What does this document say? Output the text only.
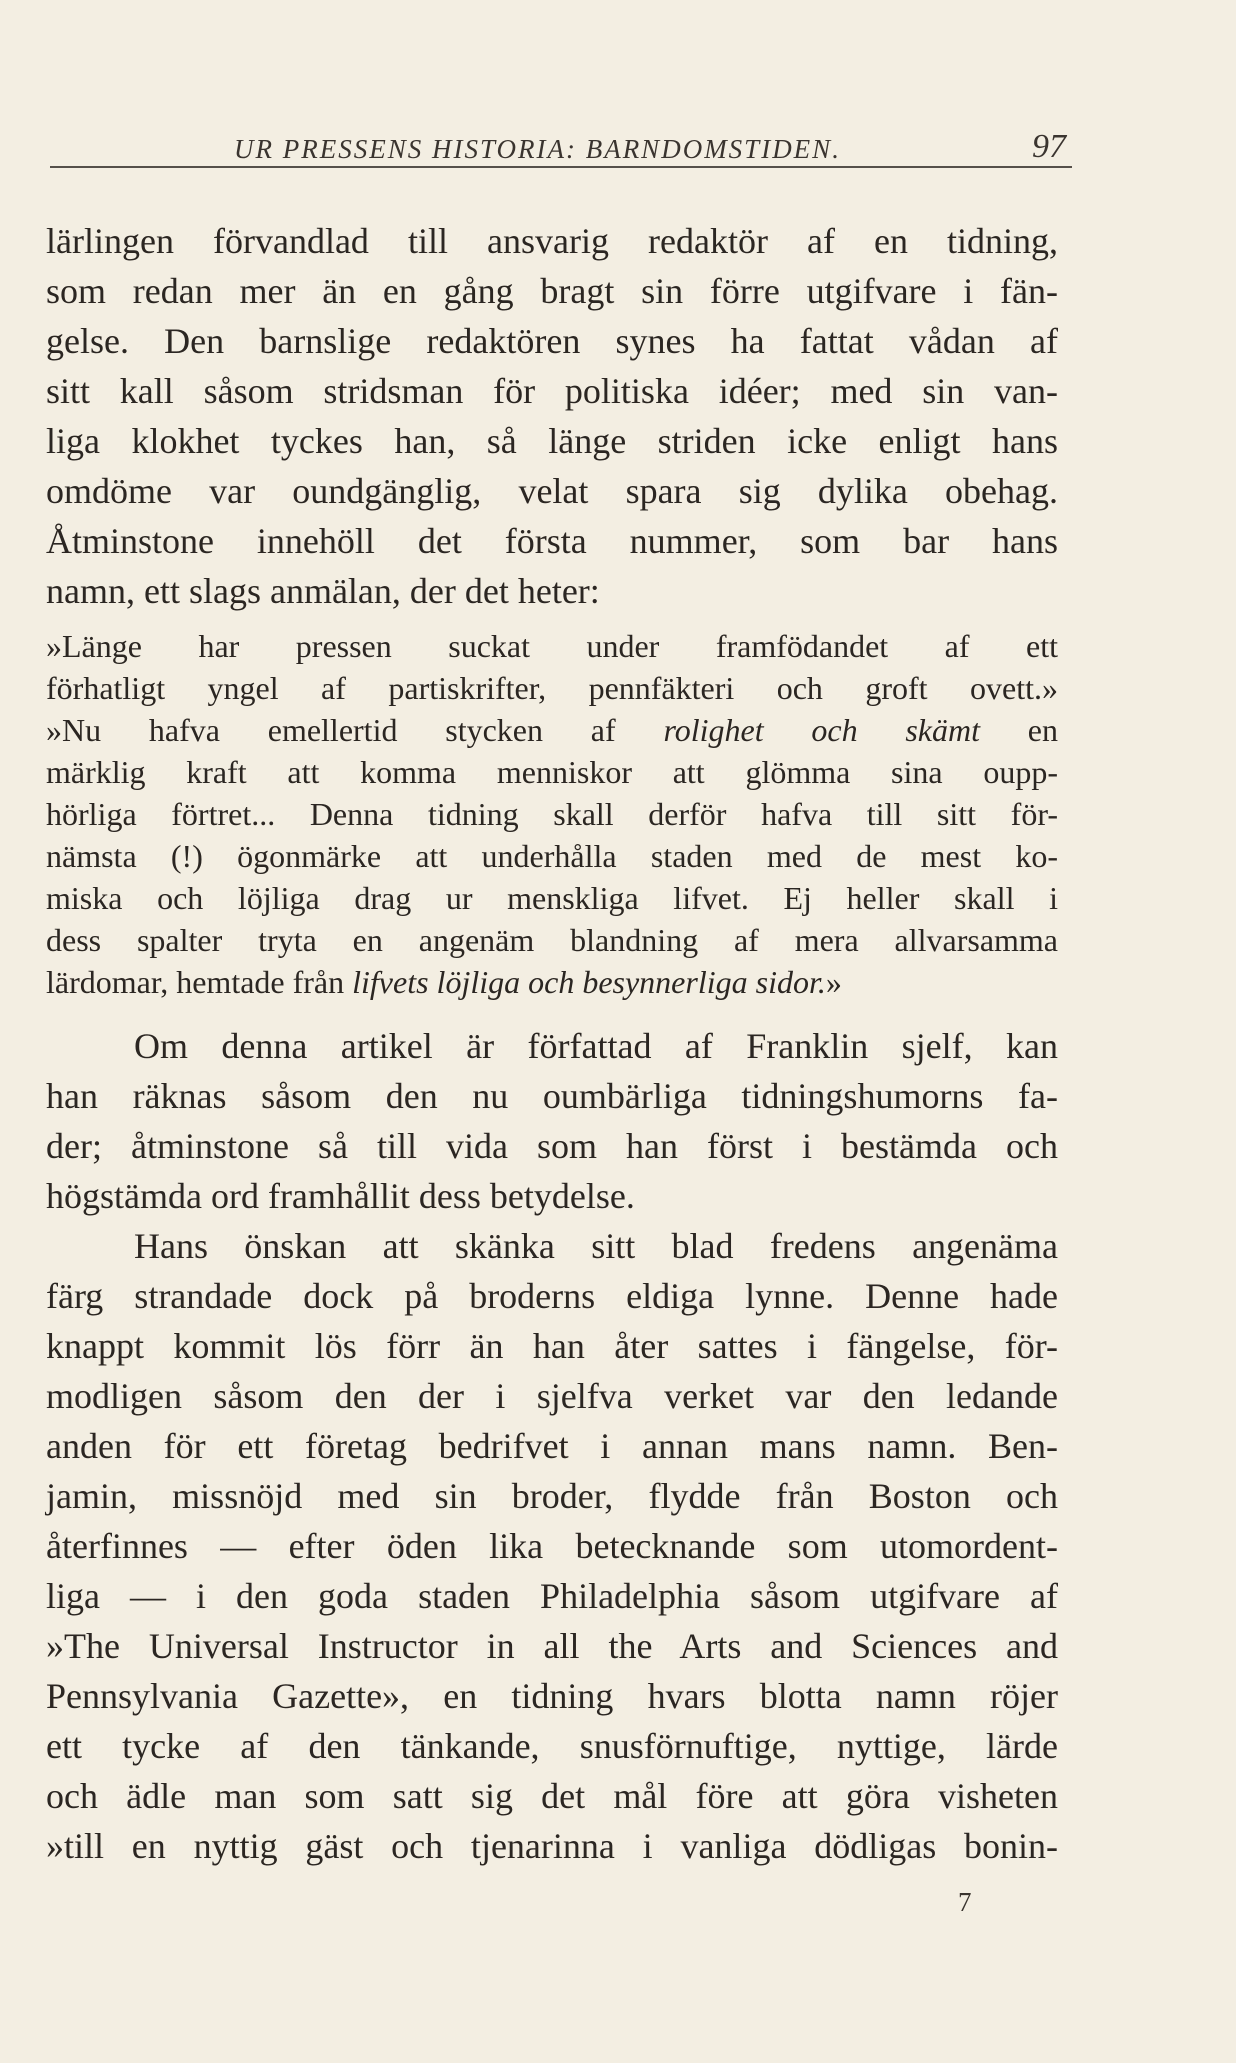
UR PRESSENS HISTORIA: BARNDOMSTIDEN.	97
lärlingen förvandlad till ansvarig redaktör af en tidning,
som redan mer än en gång bragt sin förre utgifvare i fän-
gelse. Den barnslige redaktören synes ha fattat vådan af
sitt kall såsom stridsman för politiska idéer; med sin van-
liga klokhet tyckes han, så länge striden icke enligt hans
omdöme var oundgänglig, velat spara sig dylika obehag.
Åtminstone innehöll det första nummer, som bar hans
namn, ett slags anmälan, der det heter:
»Länge har pressen suckat under framfödandet af ett
förhatligt yngel af partiskrifter, pennfäkteri och groft ovett.»
»Nu hafva emellertid stycken af rolighet och skämt en
märklig kraft att komma menniskor att glömma sina oupp-
hörliga förtret... Denna tidning skall derför hafva till sitt för-
nämsta (!) ögonmärke att underhålla staden med de mest ko-
miska och löjliga drag ur menskliga lifvet. Ej heller skall i
dess spalter tryta en angenäm blandning af mera allvarsamma
lärdomar, hemtade från lifvets löjliga och besynnerliga sidor.»
Om denna artikel är författad af Franklin sjelf, kan
han räknas såsom den nu oumbärliga tidningshumorns fa-
der; åtminstone så till vida som han först i bestämda och
högstämda ord framhållit dess betydelse.
Hans önskan att skänka sitt blad fredens angenäma
färg strandade dock på broderns eldiga lynne. Denne hade
knappt kommit lös förr än han åter sattes i fängelse, för-
modligen såsom den der i sjelfva verket var den ledande
anden för ett företag bedrifvet i annan mans namn. Ben-
jamin, missnöjd med sin broder, flydde från Boston och
återfinnes — efter öden lika betecknande som utomordent-
liga — i den goda staden Philadelphia såsom utgifvare af
»The Universal Instructor in all the Arts and Sciences and
Pennsylvania Gazette», en tidning hvars blotta namn röjer
ett tycke af den tänkande, snusförnuftige, nyttige, lärde
och ädle man som satt sig det mål före att göra visheten
»till en nyttig gäst och tjenarinna i vanliga dödligas bonin-
7
